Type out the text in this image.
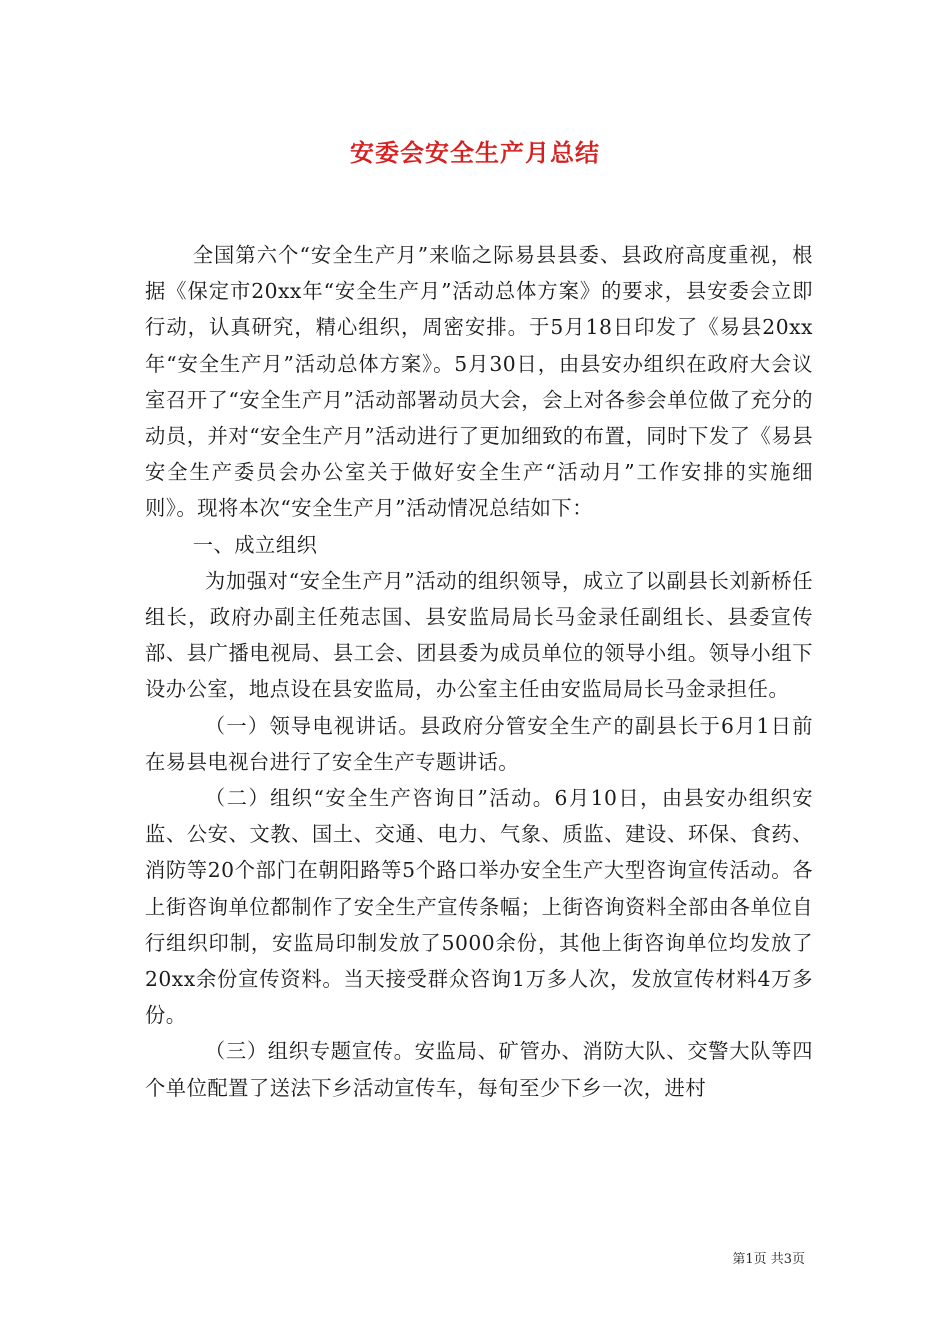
安委会安全生产月总结

全国第六个“安全生产月”来临之际易县县委、县政府高度重视，根据《保定市20xx年“安全生产月”活动总体方案》的要求，县安委会立即行动，认真研究，精心组织，周密安排。于5月18日印发了《易县20xx年“安全生产月”活动总体方案》。5月30日，由县安办组织在政府大会议室召开了“安全生产月”活动部署动员大会，会上对各参会单位做了充分的动员，并对“安全生产月”活动进行了更加细致的布置，同时下发了《易县安全生产委员会办公室关于做好安全生产“活动月”工作安排的实施细则》。现将本次“安全生产月”活动情况总结如下：

一、成立组织

为加强对“安全生产月”活动的组织领导，成立了以副县长刘新桥任组长，政府办副主任苑志国、县安监局局长马金录任副组长、县委宣传部、县广播电视局、县工会、团县委为成员单位的领导小组。领导小组下设办公室，地点设在县安监局，办公室主任由安监局局长马金录担任。

（一）领导电视讲话。县政府分管安全生产的副县长于6月1日前在易县电视台进行了安全生产专题讲话。

（二）组织“安全生产咨询日”活动。6月10日，由县安办组织安监、公安、文教、国土、交通、电力、气象、质监、建设、环保、食药、消防等20个部门在朝阳路等5个路口举办安全生产大型咨询宣传活动。各上街咨询单位都制作了安全生产宣传条幅；上街咨询资料全部由各单位自行组织印制，安监局印制发放了5000余份，其他上街咨询单位均发放了20xx余份宣传资料。当天接受群众咨询1万多人次，发放宣传材料4万多份。

（三）组织专题宣传。安监局、矿管办、消防大队、交警大队等四个单位配置了送法下乡活动宣传车，每旬至少下乡一次，进村

第1页 共3页
